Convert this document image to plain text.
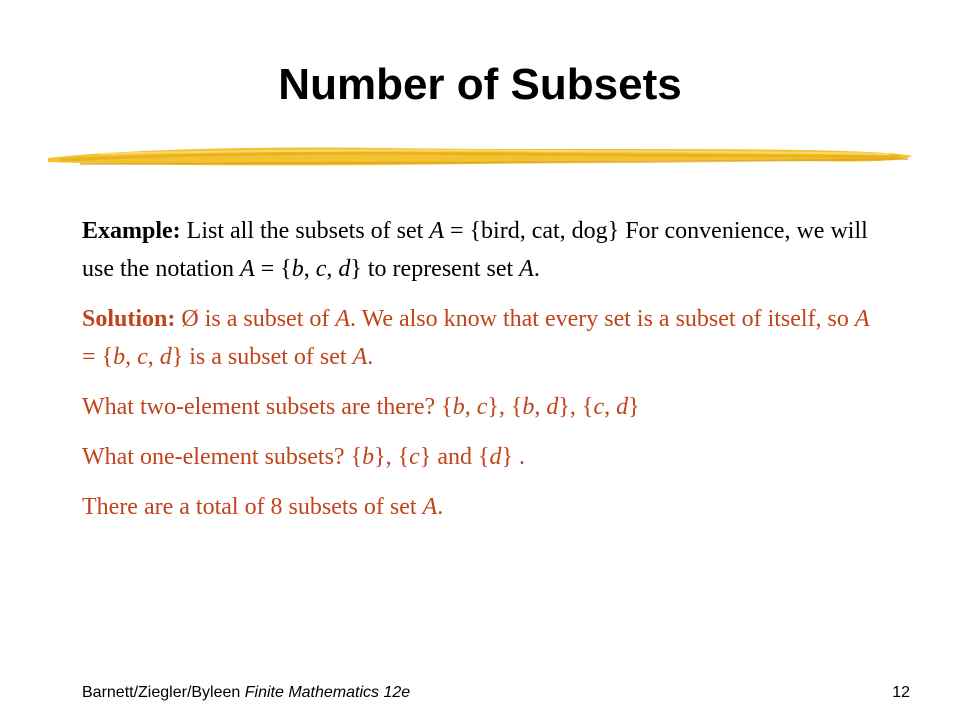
Number of Subsets

Example: List all the subsets of set A = {bird, cat, dog} For convenience, we will use the notation A = {b, c, d} to represent set A.

Solution: Ø is a subset of A. We also know that every set is a subset of itself, so A = {b, c, d} is a subset of set A.

What two-element subsets are there? {b, c}, {b, d}, {c, d}

What one-element subsets? {b}, {c} and {d} .

There are a total of 8 subsets of set A.

Barnett/Ziegler/Byleen Finite Mathematics 12e	12
